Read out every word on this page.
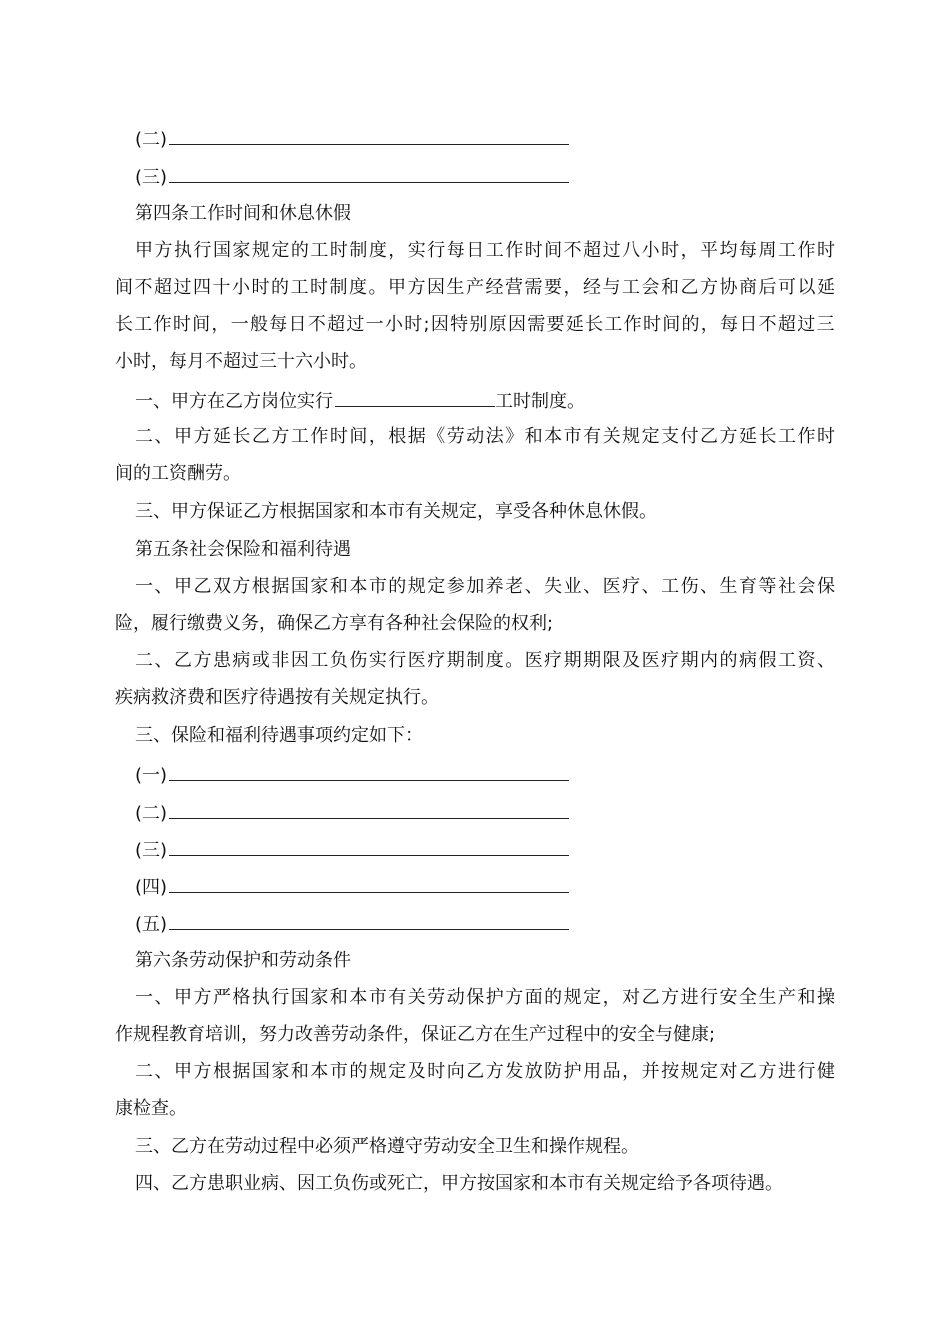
(二)
(三)
第四条工作时间和休息休假
甲 方 执 行 国 家 规 定 的 工 时 制 度 ， 实 行 每 日 工 作 时 间 不 超 过 八 小 时 ， 平 均 每 周 工 作 时
间 不 超 过 四 十 小 时 的 工 时 制 度 。 甲 方 因 生 产 经 营 需 要 ， 经 与 工 会 和 乙 方 协 商 后 可 以 延
长 工 作 时 间 ， 一 般 每 日 不 超 过 一 小 时 ; 因 特 别 原 因 需 要 延 长 工 作 时 间 的 ， 每 日 不 超 过 三
小时，每月不超过三十六小时。
一、甲方在乙方岗位实行	工时制度。
二 、 甲 方 延 长 乙 方 工 作 时 间 ， 根 据 《 劳 动 法 》 和 本 市 有 关 规 定 支 付 乙 方 延 长 工 作 时
间的工资酬劳。
三、甲方保证乙方根据国家和本市有关规定，享受各种休息休假。
第五条社会保险和福利待遇
一 、 甲 乙 双 方 根 据 国 家 和 本 市 的 规 定 参 加 养 老 、 失 业 、 医 疗 、 工 伤 、 生 育 等 社 会 保
险，履行缴费义务，确保乙方享有各种社会保险的权利;
二 、 乙 方 患 病 或 非 因 工 负 伤 实 行 医 疗 期 制 度 。 医 疗 期 期 限 及 医 疗 期 内 的 病 假 工 资 、
疾病救济费和医疗待遇按有关规定执行。
三、保险和福利待遇事项约定如下：
(一)
(二)
(三)
(四)
(五)
第六条劳动保护和劳动条件
一 、 甲 方 严 格 执 行 国 家 和 本 市 有 关 劳 动 保 护 方 面 的 规 定 ， 对 乙 方 进 行 安 全 生 产 和 操
作规程教育培训，努力改善劳动条件，保证乙方在生产过程中的安全与健康;
二 、 甲 方 根 据 国 家 和 本 市 的 规 定 及 时 向 乙 方 发 放 防 护 用 品 ， 并 按 规 定 对 乙 方 进 行 健
康检查。
三、乙方在劳动过程中必须严格遵守劳动安全卫生和操作规程。
四、乙方患职业病、因工负伤或死亡，甲方按国家和本市有关规定给予各项待遇。
